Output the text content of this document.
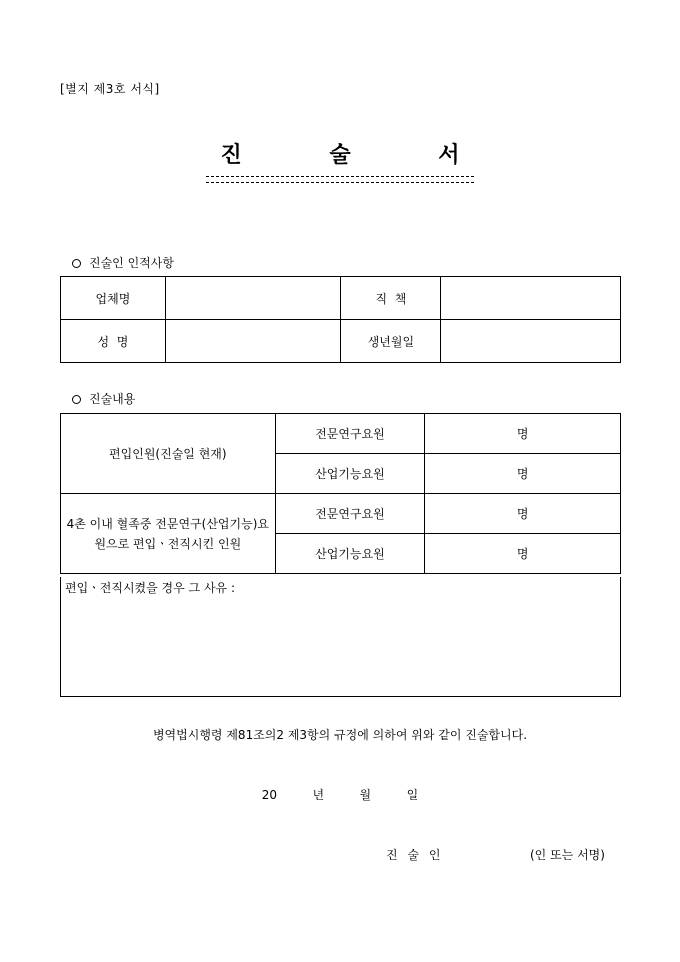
[별지 제3호 서식]
진 술 서
진술인 인적사항
업체명		직  책	
성  명		생년월일	
진술내용
편입인원(진술일 현재)	전문연구요원	명
	산업기능요원	명
4촌 이내 혈족중 전문연구(산업기능)요원으로 편입ㆍ전직시킨 인원	전문연구요원	명
	산업기능요원	명
편입ㆍ전직시켰을 경우 그 사유 :
병역법시행령 제81조의2 제3항의 규정에 의하여 위와 같이 진술합니다.
20   년   월   일
진 술 인	(인 또는 서명)
